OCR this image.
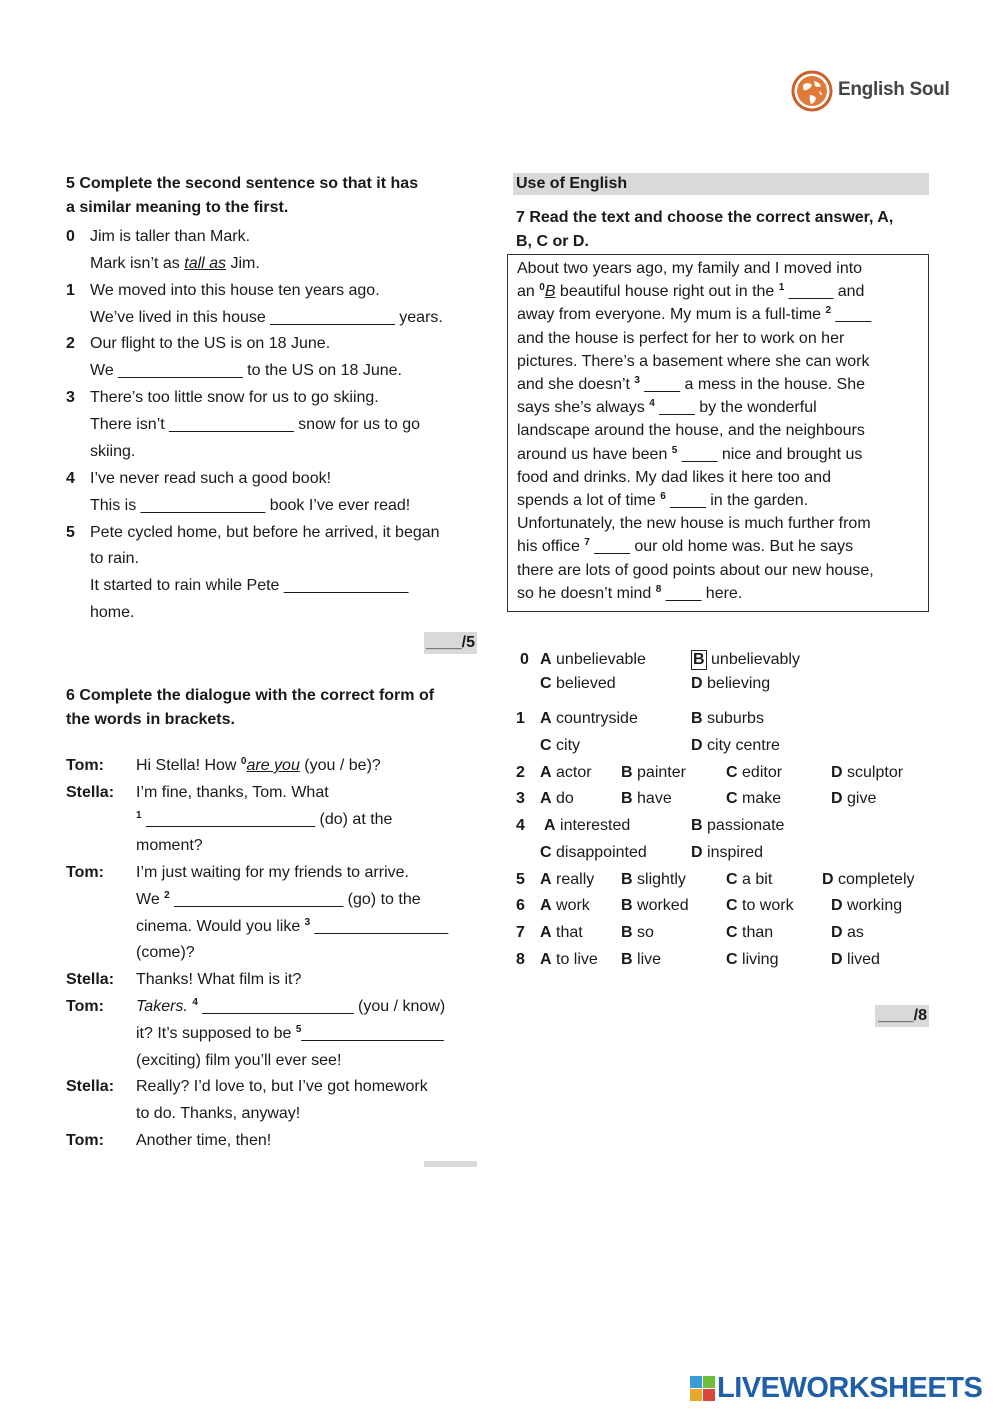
English Soul
5 Complete the second sentence so that it has
a similar meaning to the first.
0 Jim is taller than Mark.
Mark isn’t as tall as Jim.
1 We moved into this house ten years ago.
We’ve lived in this house ______________ years.
2 Our flight to the US is on 18 June.
We ______________ to the US on 18 June.
3 There’s too little snow for us to go skiing.
There isn’t ______________ snow for us to go
skiing.
4 I’ve never read such a good book!
This is ______________ book I’ve ever read!
5 Pete cycled home, but before he arrived, it began
to rain.
It started to rain while Pete ______________
home.
____/5
6 Complete the dialogue with the correct form of
the words in brackets.
Tom: Hi Stella! How $^0$are you (you / be)?
Stella: I’m fine, thanks, Tom. What
$^1$ ___________________ (do) at the
moment?
Tom: I’m just waiting for my friends to arrive.
We $^2$ ___________________ (go) to the
cinema. Would you like $^3$ _______________
(come)?
Stella: Thanks! What film is it?
Tom: Takers. $^4$ _________________ (you / know)
it? It’s supposed to be $^5$________________
(exciting) film you’ll ever see!
Stella: Really? I’d love to, but I’ve got homework
to do. Thanks, anyway!
Tom: Another time, then!
Use of English
7 Read the text and choose the correct answer, A,
B, C or D.
About two years ago, my family and I moved into
an $^0$B beautiful house right out in the $^1$ _____ and
away from everyone. My mum is a full-time $^2$ ____
and the house is perfect for her to work on her
pictures. There’s a basement where she can work
and she doesn’t $^3$ ____ a mess in the house. She
says she’s always $^4$ ____ by the wonderful
landscape around the house, and the neighbours
around us have been $^5$ ____ nice and brought us
food and drinks. My dad likes it here too and
spends a lot of time $^6$ ____ in the garden.
Unfortunately, the new house is much further from
his office $^7$ ____ our old home was. But he says
there are lots of good points about our new house,
so he doesn’t mind $^8$ ____ here.
0 A unbelievable	B unbelievably
C believed	D believing
1 A countryside	B suburbs
C city	D city centre
2 A actor B painter	C editor	D sculptor
3 A do	B have	C make	D give
4 A interested	B passionate
C disappointed	D inspired
5 A really B slightly	C a bit	D completely
6 A work B worked C to work D working
7 A that B so	C than	D as
8 A to live B live	C living	D lived
____/8
LIVEWORKSHEETS
